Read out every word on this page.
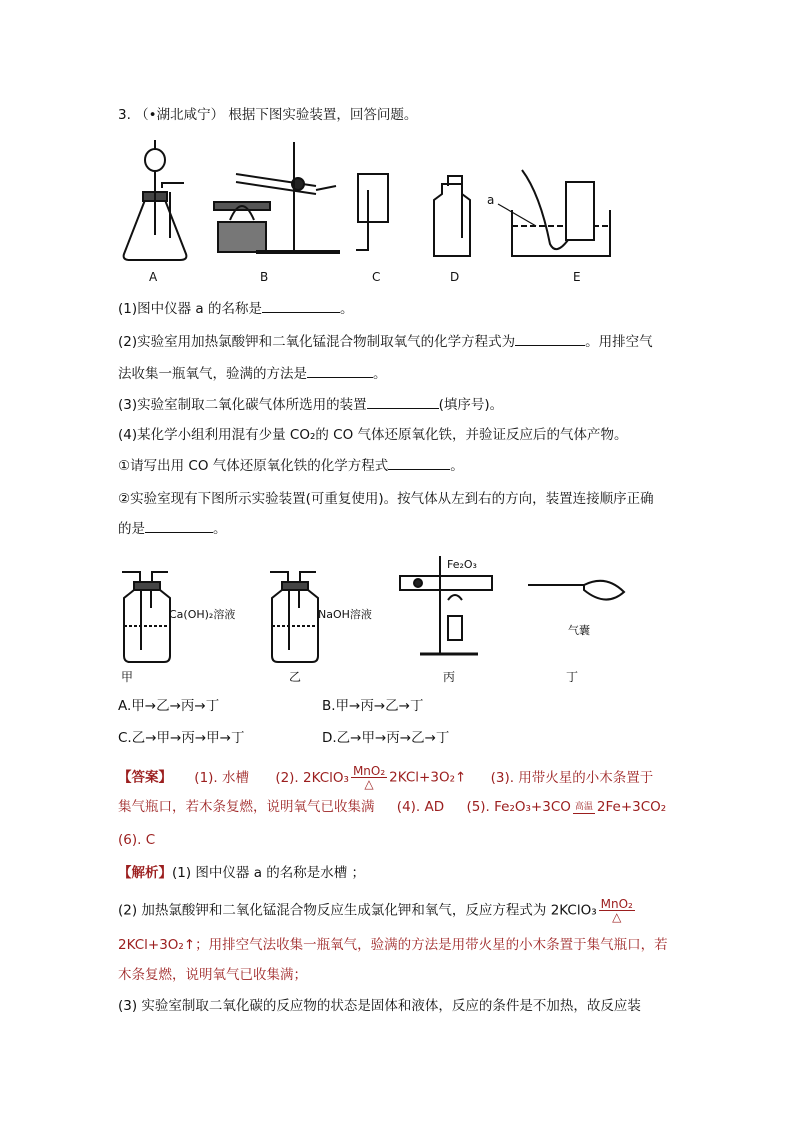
3. （•湖北咸宁） 根据下图实验装置，回答问题。
a
A	B	C	D	E
(1)图中仪器 a 的名称是	。
(2)实验室用加热氯酸钾和二氧化锰混合物制取氧气的化学方程式为	。用排空气
法收集一瓶氧气，验满的方法是	。
(3)实验室制取二氧化碳气体所选用的装置	(填序号)。
(4)某化学小组利用混有少量 CO₂的 CO 气体还原氧化铁，并验证反应后的气体产物。
①请写出用 CO 气体还原氧化铁的化学方程式	。
②实验室现有下图所示实验装置(可重复使用)。按气体从左到右的方向，装置连接顺序正确
的是	。
Ca(OH)₂溶液	NaOH溶液
Fe₂O₃
气囊
甲	乙	丙	丁
A.甲→乙→丙→丁	B.甲→丙→乙→丁
C.乙→甲→丙→甲→丁	D.乙→甲→丙→乙→丁
【答案】 (1). 水槽 (2). 2KClO₃ $\frac{\text{MnO₂}}{\triangle}$ 2KCl+3O₂↑ (3). 用带火星的小木条置于
集气瓶口，若木条复燃，说明氧气已收集满 (4). AD (5). Fe₂O₃+3CO 高温 2Fe+3CO₂
(6). C
【解析】(1) 图中仪器 a 的名称是水槽 ；
(2) 加热氯酸钾和二氧化锰混合物反应生成氯化钾和氧气，反应方程式为 2KClO₃ $\frac{\text{MnO₂}}{\triangle}$
2KCl+3O₂↑；用排空气法收集一瓶氧气，验满的方法是用带火星的小木条置于集气瓶口，若
木条复燃，说明氧气已收集满；
(3) 实验室制取二氧化碳的反应物的状态是固体和液体，反应的条件是不加热，故反应装
